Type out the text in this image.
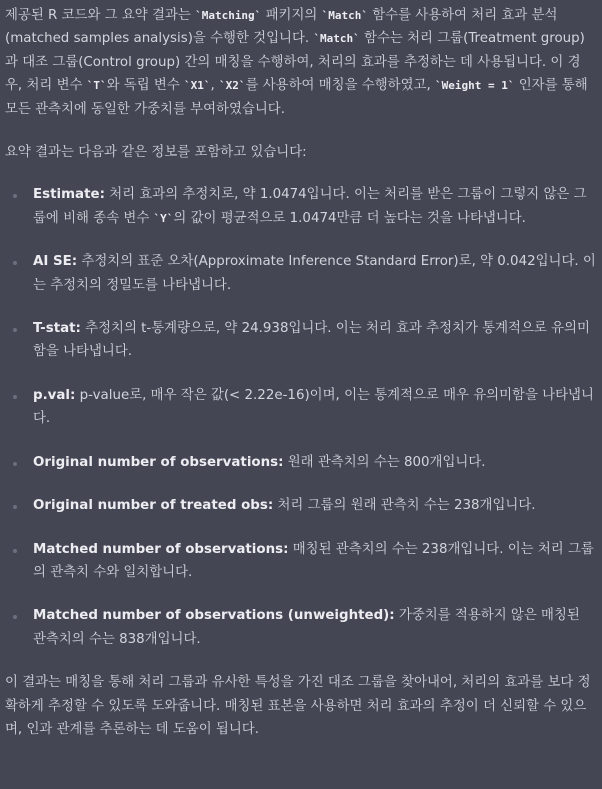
제공된 R 코드와 그 요약 결과는 `Matching` 패키지의 `Match` 함수를 사용하여 처리 효과 분석(matched samples analysis)을 수행한 것입니다. `Match` 함수는 처리 그룹(Treatment group)과 대조 그룹(Control group) 간의 매칭을 수행하여, 처리의 효과를 추정하는 데 사용됩니다. 이 경우, 처리 변수 `T`와 독립 변수 `X1`, `X2`를 사용하여 매칭을 수행하였고, `Weight = 1` 인자를 통해 모든 관측치에 동일한 가중치를 부여하였습니다.

요약 결과는 다음과 같은 정보를 포함하고 있습니다:

Estimate: 처리 효과의 추정치로, 약 1.0474입니다. 이는 처리를 받은 그룹이 그렇지 않은 그룹에 비해 종속 변수 `Y`의 값이 평균적으로 1.0474만큼 더 높다는 것을 나타냅니다.
AI SE: 추정치의 표준 오차(Approximate Inference Standard Error)로, 약 0.042입니다. 이는 추정치의 정밀도를 나타냅니다.
T-stat: 추정치의 t-통계량으로, 약 24.938입니다. 이는 처리 효과 추정치가 통계적으로 유의미함을 나타냅니다.
p.val: p-value로, 매우 작은 값(< 2.22e-16)이며, 이는 통계적으로 매우 유의미함을 나타냅니다.
Original number of observations: 원래 관측치의 수는 800개입니다.
Original number of treated obs: 처리 그룹의 원래 관측치 수는 238개입니다.
Matched number of observations: 매칭된 관측치의 수는 238개입니다. 이는 처리 그룹의 관측치 수와 일치합니다.
Matched number of observations (unweighted): 가중치를 적용하지 않은 매칭된 관측치의 수는 838개입니다.

이 결과는 매칭을 통해 처리 그룹과 유사한 특성을 가진 대조 그룹을 찾아내어, 처리의 효과를 보다 정확하게 추정할 수 있도록 도와줍니다. 매칭된 표본을 사용하면 처리 효과의 추정이 더 신뢰할 수 있으며, 인과 관계를 추론하는 데 도움이 됩니다.
